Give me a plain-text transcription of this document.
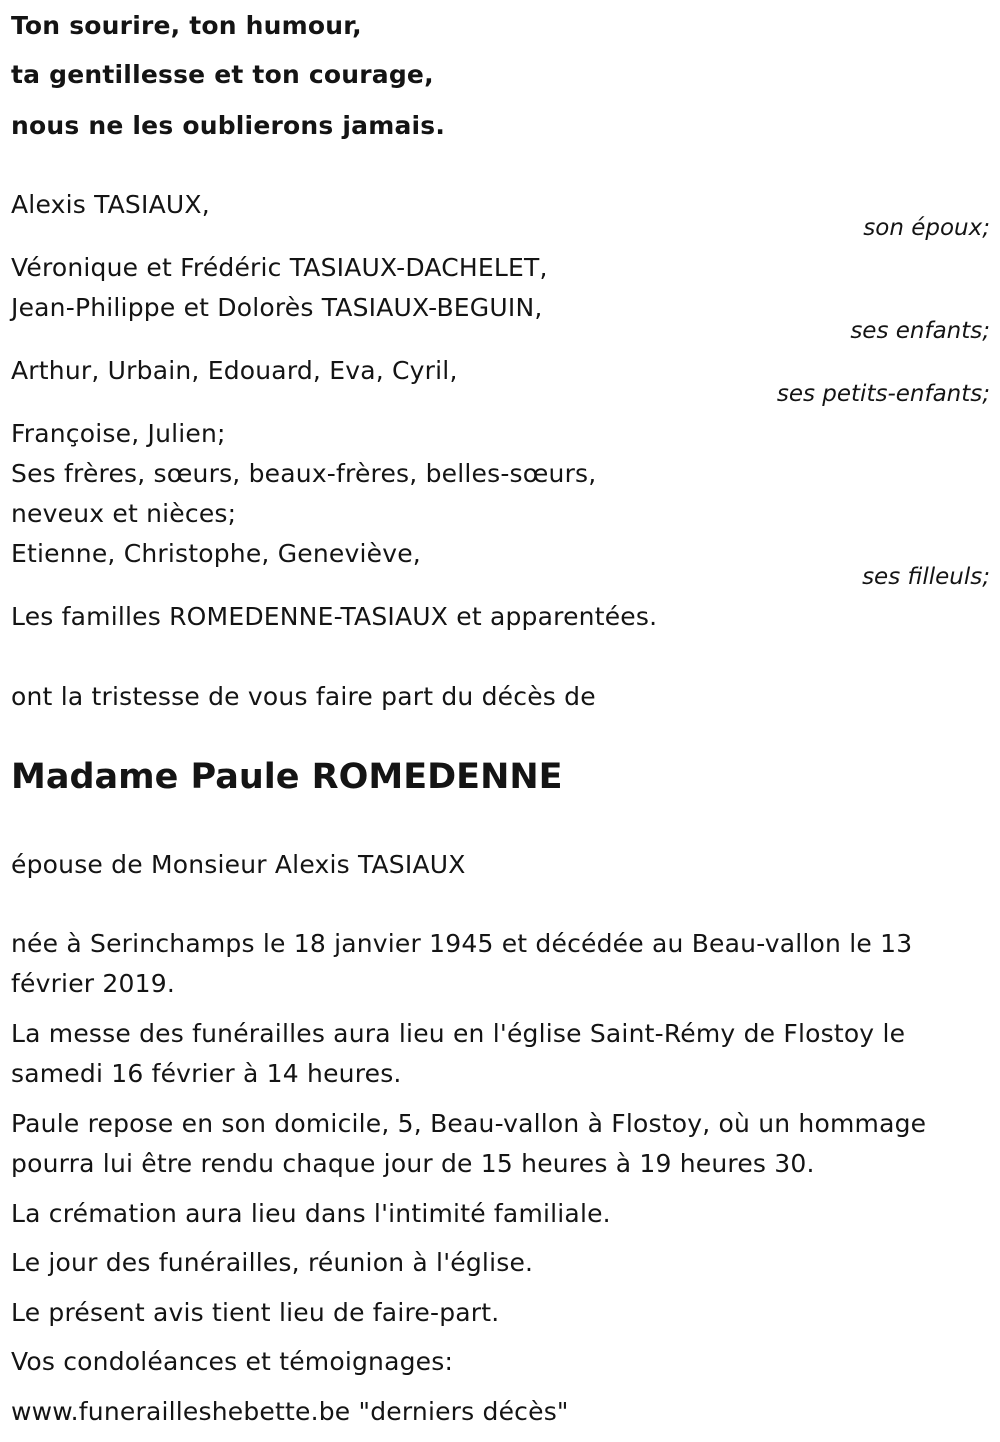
Ton sourire, ton humour,
ta gentillesse et ton courage,
nous ne les oublierons jamais.
Alexis TASIAUX,
son époux;
Véronique et Frédéric TASIAUX-DACHELET,
Jean-Philippe et Dolorès TASIAUX-BEGUIN,
ses enfants;
Arthur, Urbain, Edouard, Eva, Cyril,
ses petits-enfants;
Françoise, Julien;
Ses frères, sœurs, beaux-frères, belles-sœurs,
neveux et nièces;
Etienne, Christophe, Geneviève,
ses filleuls;
Les familles ROMEDENNE-TASIAUX et apparentées.
ont la tristesse de vous faire part du décès de
Madame Paule ROMEDENNE
épouse de Monsieur Alexis TASIAUX
née à Serinchamps le 18 janvier 1945 et décédée au Beau-vallon le 13
février 2019.
La messe des funérailles aura lieu en l'église Saint-Rémy de Flostoy le
samedi 16 février à 14 heures.
Paule repose en son domicile, 5, Beau-vallon à Flostoy, où un hommage
pourra lui être rendu chaque jour de 15 heures à 19 heures 30.
La crémation aura lieu dans l'intimité familiale.
Le jour des funérailles, réunion à l'église.
Le présent avis tient lieu de faire-part.
Vos condoléances et témoignages:
www.funerailleshebette.be "derniers décès"
